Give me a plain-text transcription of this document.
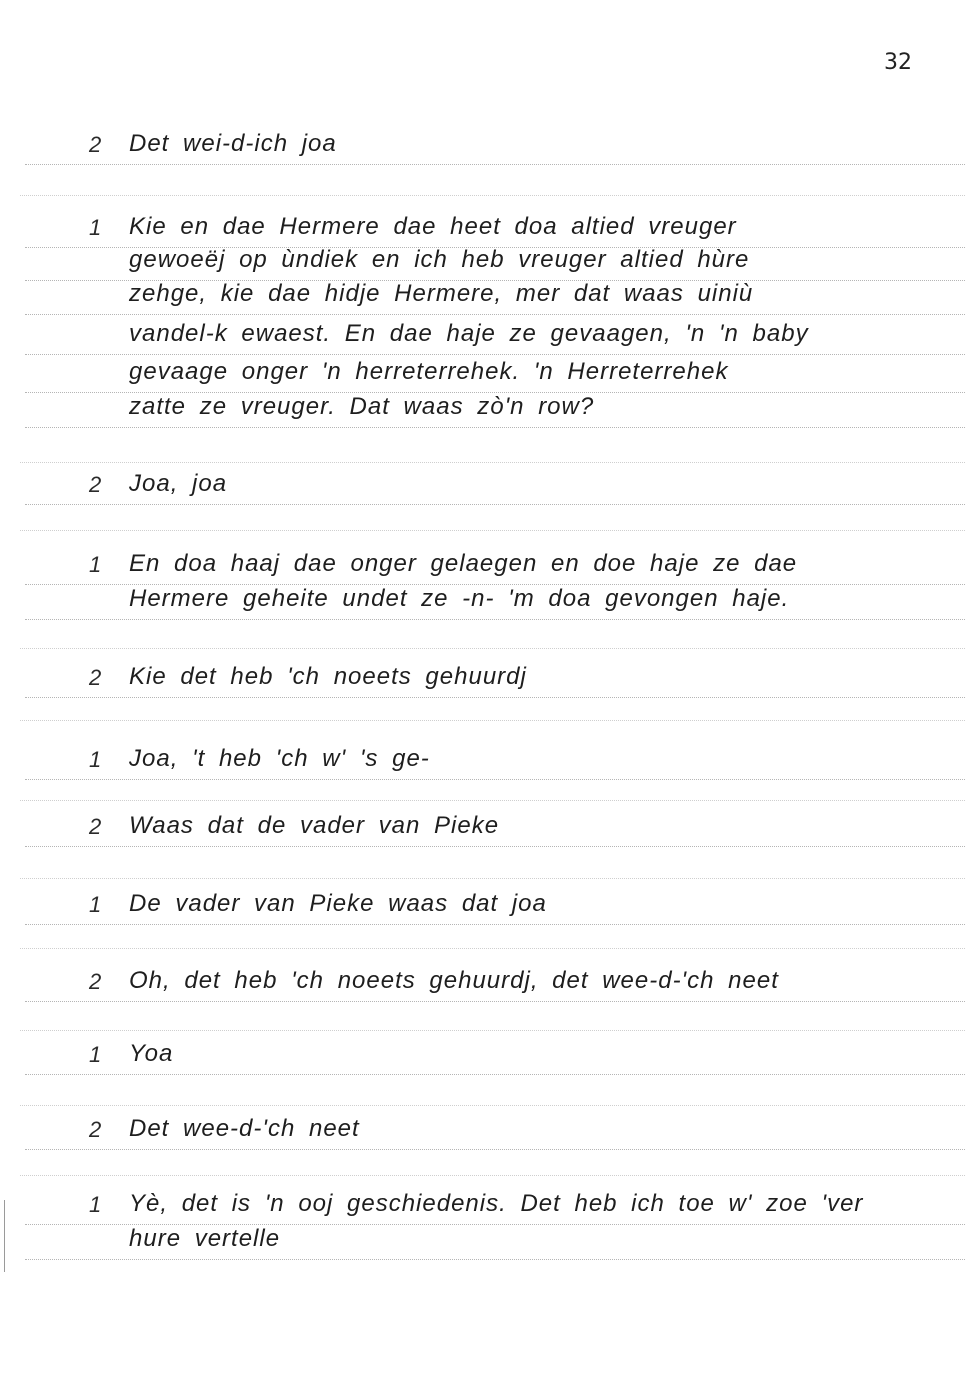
32
2 Det wei-d-ich joa
1 Kie en dae Hermere dae heet doa altied vreuger
gewoeëj op ùndiek en ich heb vreuger altied hùre
zehge, kie dae hidje Hermere, mer dat waas uiniù
vandel-k ewaest. En dae haje ze gevaagen, 'n 'n baby
gevaage onger 'n herreterrehek. 'n Herreterrehek
zatte ze vreuger. Dat waas zò'n row?
2 Joa, joa
1 En doa haaj dae onger gelaegen en doe haje ze dae
Hermere geheite undet ze -n- 'm doa gevongen haje.
2 Kie det heb 'ch noeets gehuurdj
1 Joa, 't heb 'ch w' 's ge-
2 Waas dat de vader van Pieke
1 De vader van Pieke waas dat joa
2 Oh, det heb 'ch noeets gehuurdj, det wee-d-'ch neet
1 Yoa
2 Det wee-d-'ch neet
1 Yè, det is 'n ooj geschiedenis. Det heb ich toe w' zoe 'ver
hure vertelle
